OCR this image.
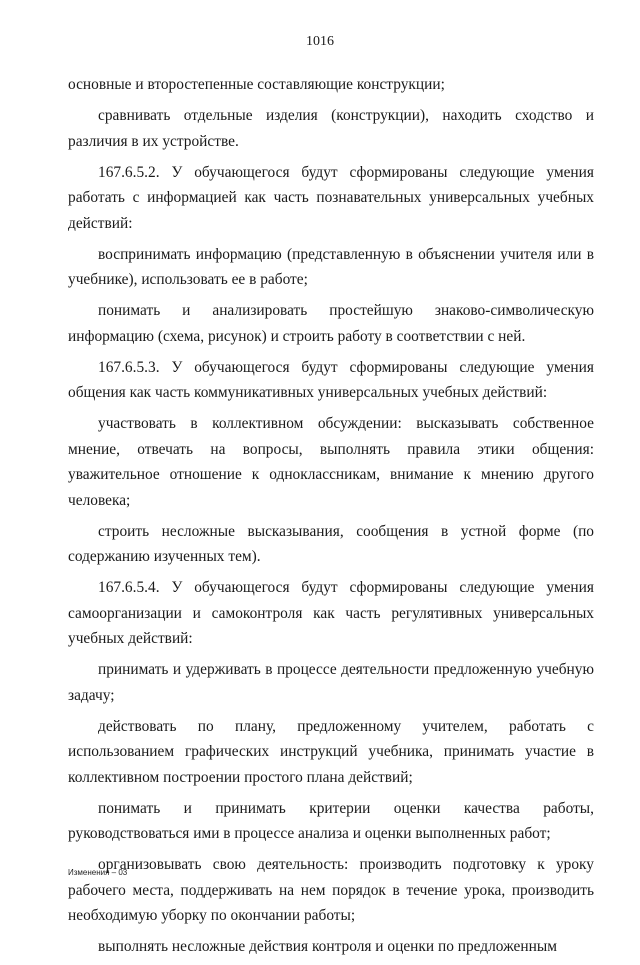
1016

основные и второстепенные составляющие конструкции;

сравнивать отдельные изделия (конструкции), находить сходство и различия в их устройстве.

167.6.5.2. У обучающегося будут сформированы следующие умения работать с информацией как часть познавательных универсальных учебных действий:

воспринимать информацию (представленную в объяснении учителя или в учебнике), использовать ее в работе;

понимать и анализировать простейшую знаково-символическую информацию (схема, рисунок) и строить работу в соответствии с ней.

167.6.5.3. У обучающегося будут сформированы следующие умения общения как часть коммуникативных универсальных учебных действий:

участвовать в коллективном обсуждении: высказывать собственное мнение, отвечать на вопросы, выполнять правила этики общения: уважительное отношение к одноклассникам, внимание к мнению другого человека;

строить несложные высказывания, сообщения в устной форме (по содержанию изученных тем).

167.6.5.4. У обучающегося будут сформированы следующие умения самоорганизации и самоконтроля как часть регулятивных универсальных учебных действий:

принимать и удерживать в процессе деятельности предложенную учебную задачу;

действовать по плану, предложенному учителем, работать с использованием графических инструкций учебника, принимать участие в коллективном построении простого плана действий;

понимать и принимать критерии оценки качества работы, руководствоваться ими в процессе анализа и оценки выполненных работ;

организовывать свою деятельность: производить подготовку к уроку рабочего места, поддерживать на нем порядок в течение урока, производить необходимую уборку по окончании работы;

выполнять несложные действия контроля и оценки по предложенным

Изменения – 03
